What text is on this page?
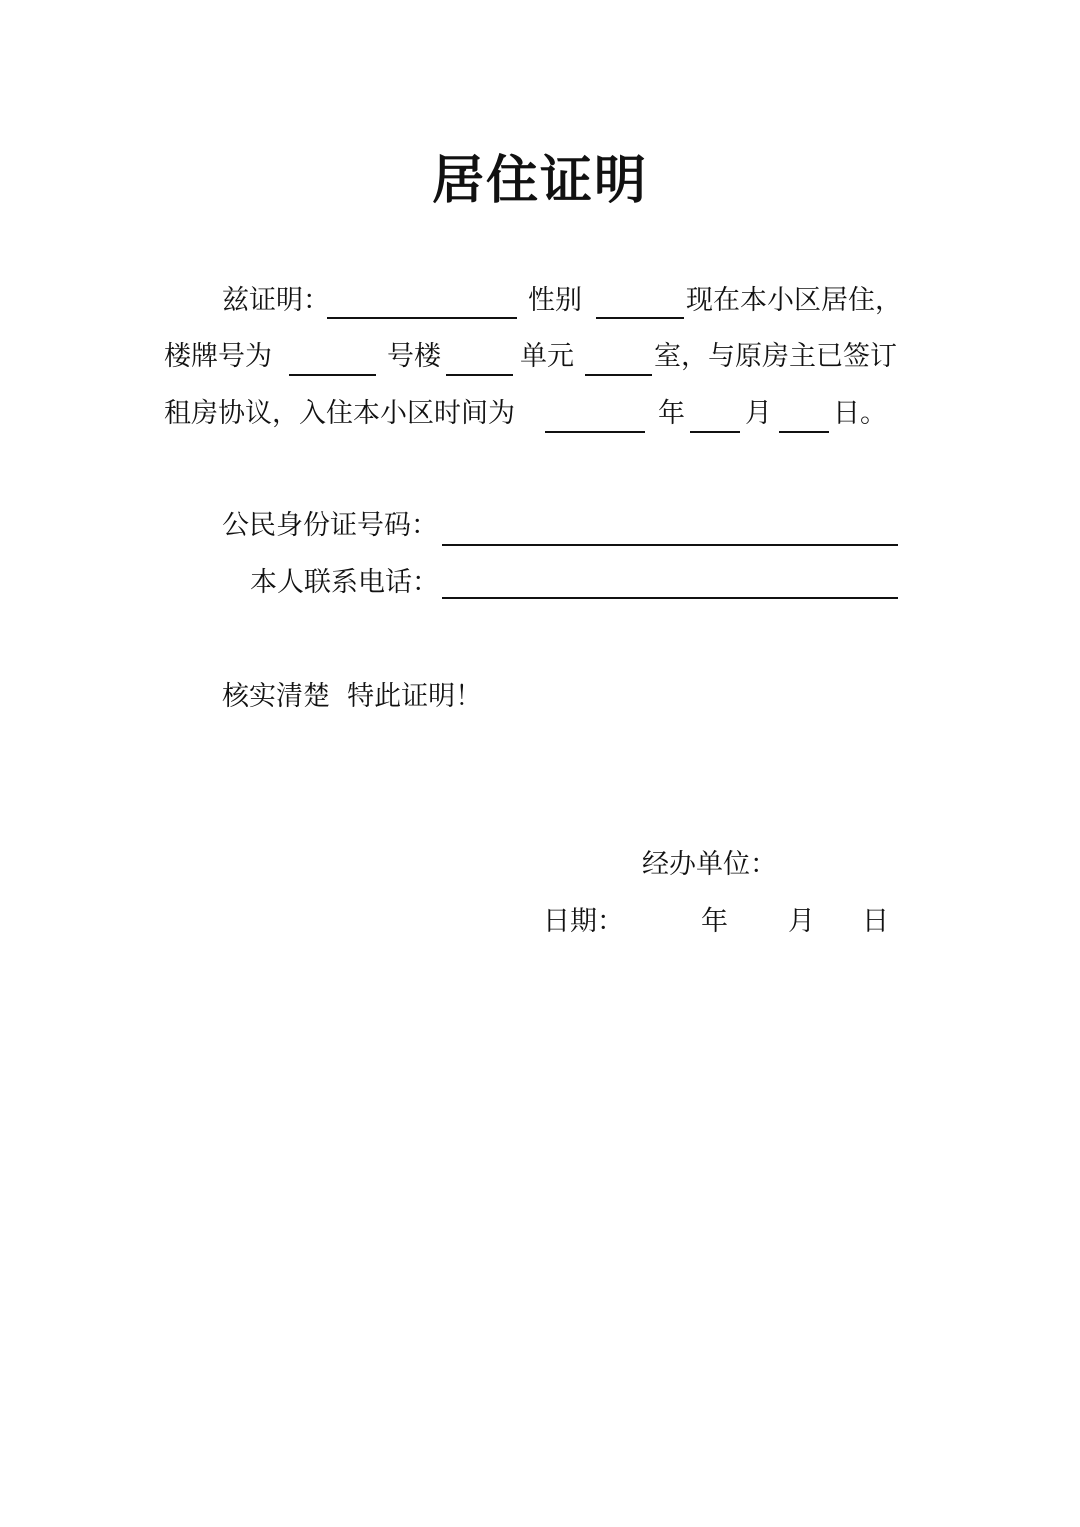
居住证明
兹证明：	性别	现在本小区居住，
楼牌号为	号楼	单元	室，与原房主已签订
租房协议，入住本小区时间为	年 月 日。
公民身份证号码：
本人联系电话：
核实清楚  特此证明！
经办单位：
日期：	年 月 日
